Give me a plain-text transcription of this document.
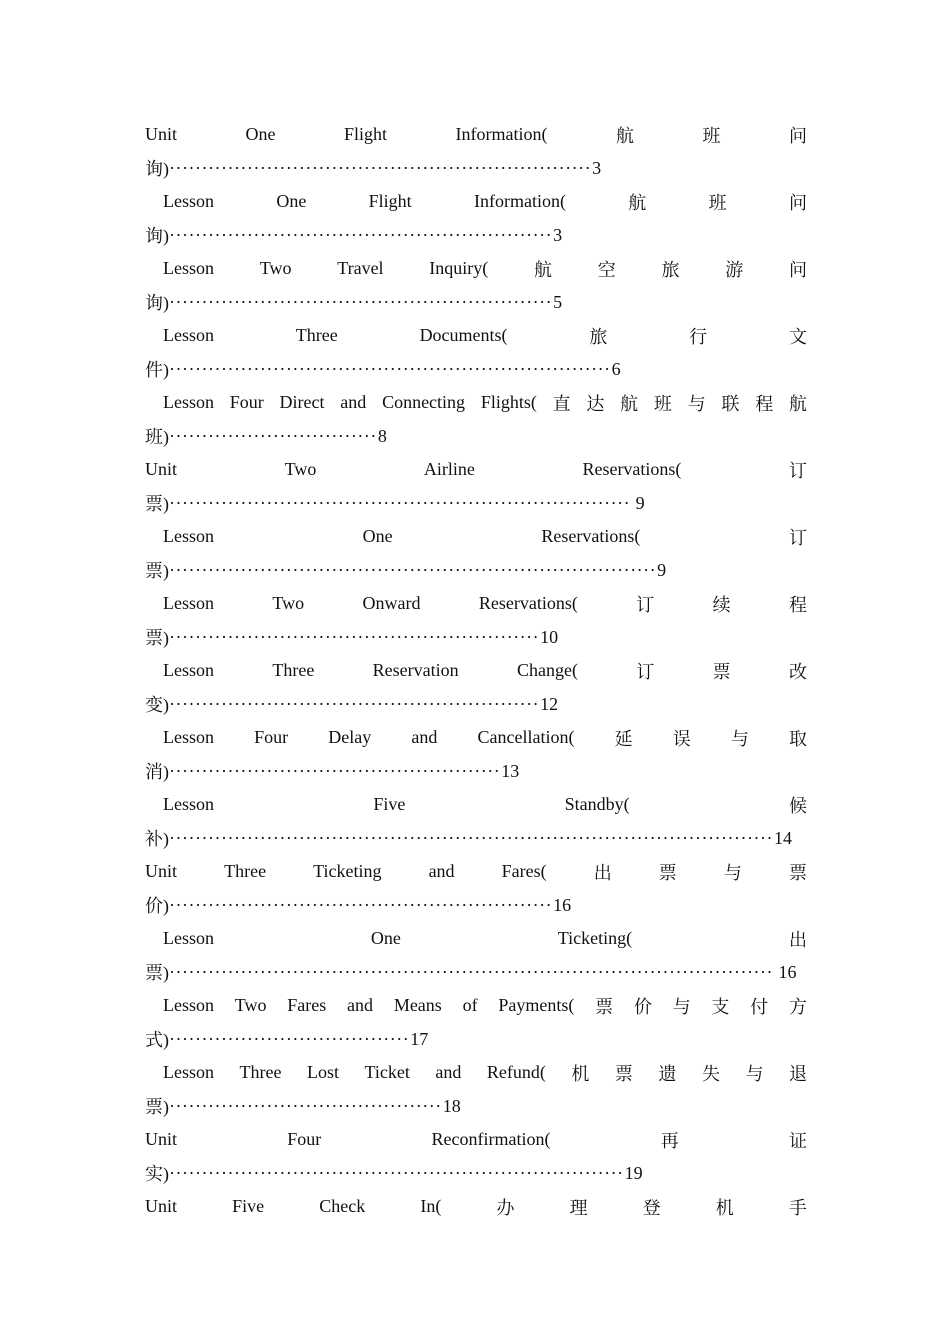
Unit	One	Flight	Information(	航	班	问
询) ································································· 3
Lesson	One	Flight	Information(	航	班	问
询) ··························································· 3
Lesson	Two	Travel	Inquiry(	航	空	旅	游	问
询) ··························································· 5
Lesson	Three	Documents(	旅	行	文
件) ···································································· 6
Lesson Four Direct and Connecting Flights( 直 达 航 班 与 联 程 航
班) ································ 8
Unit	Two	Airline	Reservations(	订
票) ······································································· 9
Lesson	One	Reservations(	订
票) ··········································································· 9
Lesson	Two	Onward	Reservations(	订	续	程
票) ························································· 10
Lesson	Three	Reservation	Change(	订	票	改
变) ························································· 12
Lesson Four Delay and Cancellation( 延 误 与 取
消) ··················································· 13
Lesson	Five	Standby(	候
补) ····························································································· 14
Unit	Three	Ticketing	and	Fares(	出	票	与	票
价) ··························································· 16
Lesson	One	Ticketing(	出
票) ····························································································· 16
Lesson Two Fares and Means of Payments( 票 价 与 支 付 方
式) ····································· 17
Lesson Three Lost Ticket and Refund( 机 票 遗 失 与 退
票) ·········································· 18
Unit	Four	Reconfirmation(	再	证
实) ······································································ 19
Unit	Five	Check	In(	办	理	登	机	手
